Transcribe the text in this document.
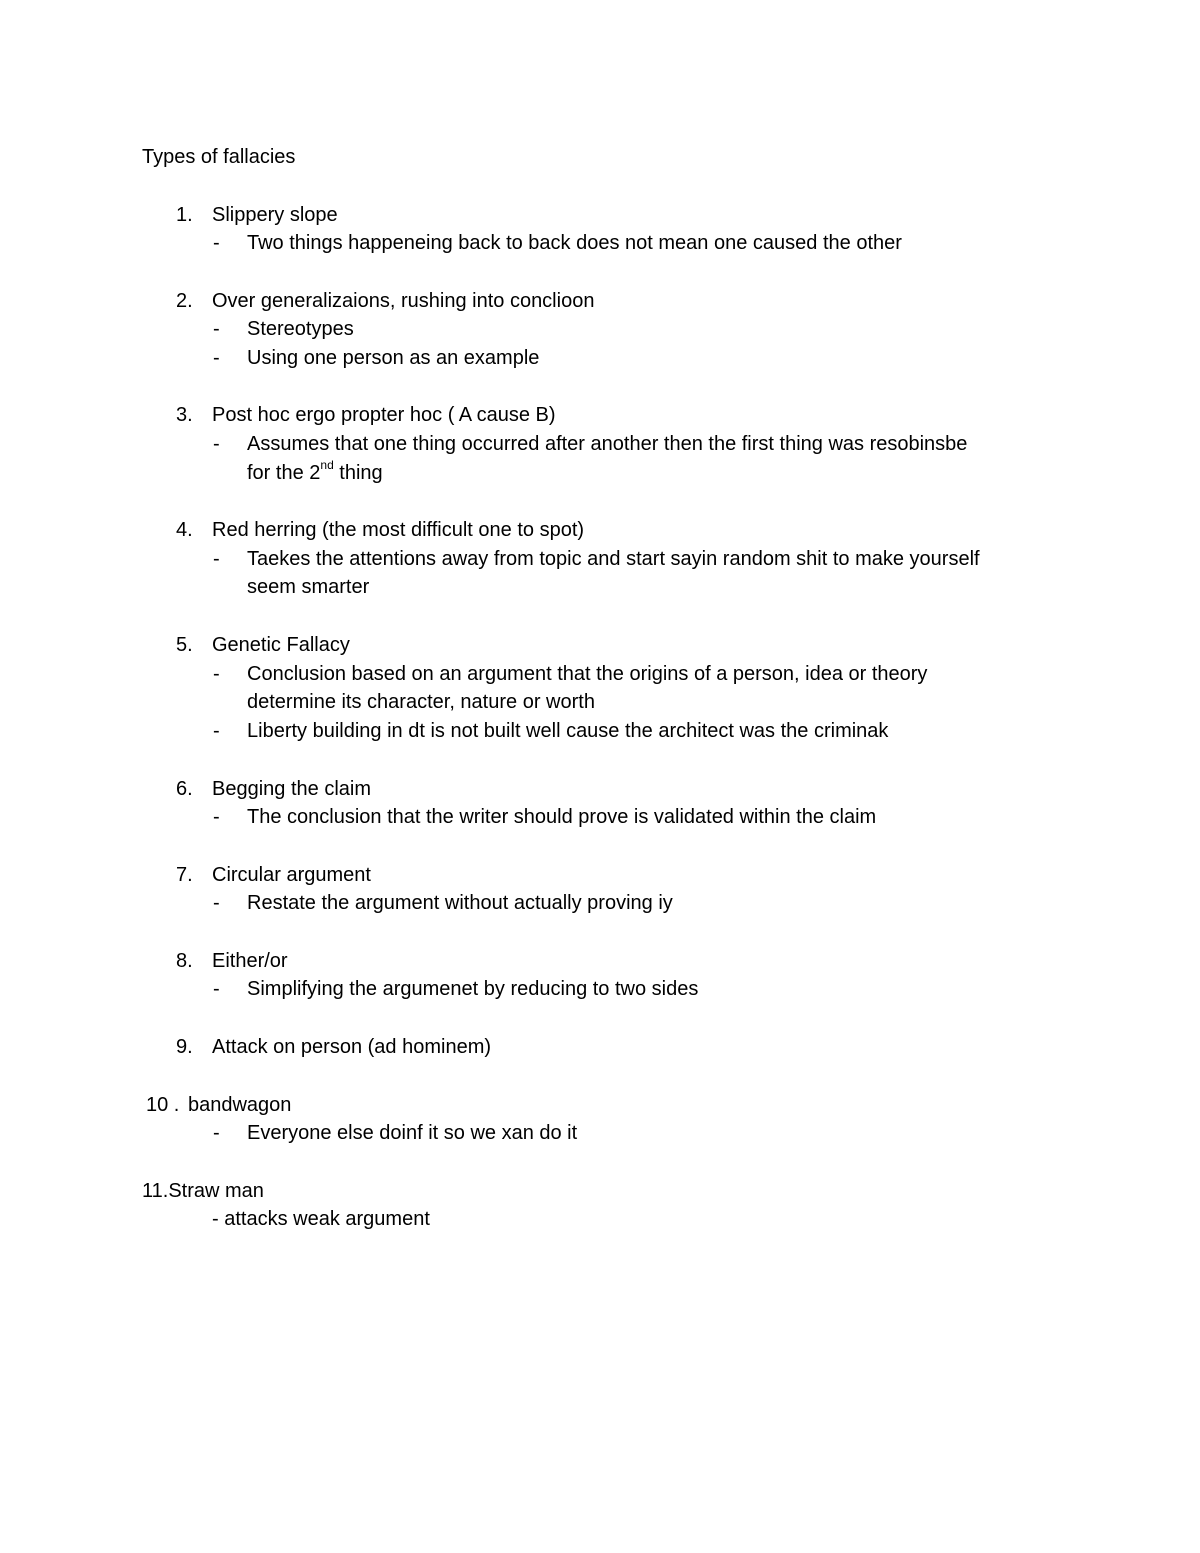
Types of fallacies
1. Slippery slope
- Two things happeneing back to back does not mean one caused the other
2. Over generalizaions, rushing into conclioon
- Stereotypes
- Using one person as an example
3. Post hoc ergo propter hoc ( A cause B)
- Assumes that one thing occurred after another then the first thing was resobinsbe
for the 2nd thing
4. Red herring (the most difficult one to spot)
- Taekes the attentions away from topic and start sayin random shit to make yourself
seem smarter
5. Genetic Fallacy
- Conclusion based on an argument that the origins of a person, idea or theory
determine its character, nature or worth
- Liberty building in dt is not built well cause the architect was the criminak
6. Begging the claim
- The conclusion that the writer should prove is validated within the claim
7. Circular argument
- Restate the argument without actually proving iy
8. Either/or
- Simplifying the argumenet by reducing to two sides
9. Attack on person (ad hominem)
10 . bandwagon
- Everyone else doinf it so we xan do it
11.Straw man
- attacks weak argument
